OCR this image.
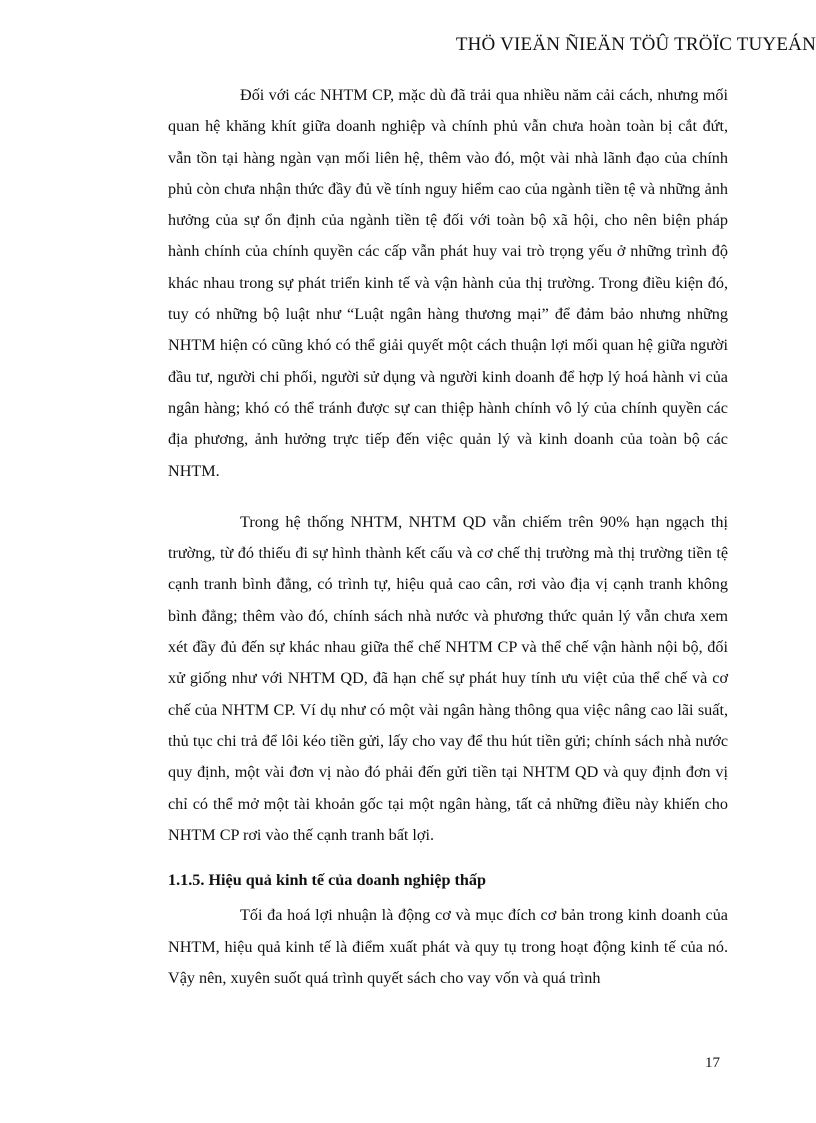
THÖ VIEÄN ÑIEÄN TÖÛ TRÖÏC TUYEÁN

Đối với các NHTM CP, mặc dù đã trải qua nhiều năm cải cách, nhưng mối quan hệ khăng khít giữa doanh nghiệp và chính phủ vẫn chưa hoàn toàn bị cắt đứt, vẫn tồn tại hàng ngàn vạn mối liên hệ, thêm vào đó, một vài nhà lãnh đạo của chính phủ còn chưa nhận thức đầy đủ về tính nguy hiểm cao của ngành tiền tệ và những ảnh hưởng của sự ổn định của ngành tiền tệ đối với toàn bộ xã hội, cho nên biện pháp hành chính của chính quyền các cấp vẫn phát huy vai trò trọng yếu ở những trình độ khác nhau trong sự phát triển kinh tế và vận hành của thị trường. Trong điều kiện đó, tuy có những bộ luật như “Luật ngân hàng thương mại” để đảm bảo nhưng những NHTM hiện có cũng khó có thể giải quyết một cách thuận lợi mối quan hệ giữa người đầu tư, người chi phối, người sử dụng và người kinh doanh để hợp lý hoá hành vi của ngân hàng; khó có thể tránh được sự can thiệp hành chính vô lý của chính quyền các địa phương, ảnh hưởng trực tiếp đến việc quản lý và kinh doanh của toàn bộ các NHTM.

Trong hệ thống NHTM, NHTM QD vẫn chiếm trên 90% hạn ngạch thị trường, từ đó thiếu đi sự hình thành kết cấu và cơ chế thị trường mà thị trường tiền tệ cạnh tranh bình đẳng, có trình tự, hiệu quả cao cân, rơi vào địa vị cạnh tranh không bình đẳng; thêm vào đó, chính sách nhà nước và phương thức quản lý vẫn chưa xem xét đầy đủ đến sự khác nhau giữa thể chế NHTM CP và thể chế vận hành nội bộ, đối xử giống như với NHTM QD, đã hạn chế sự phát huy tính ưu việt của thể chế và cơ chế của NHTM CP. Ví dụ như có một vài ngân hàng thông qua việc nâng cao lãi suất, thủ tục chi trả để lôi kéo tiền gửi, lấy cho vay để thu hút tiền gửi; chính sách nhà nước quy định, một vài đơn vị nào đó phải đến gửi tiền tại NHTM QD và quy định đơn vị chỉ có thể mở một tài khoản gốc tại một ngân hàng, tất cả những điều này khiến cho NHTM CP rơi vào thế cạnh tranh bất lợi.

1.1.5. Hiệu quả kinh tế của doanh nghiệp thấp

Tối đa hoá lợi nhuận là động cơ và mục đích cơ bản trong kinh doanh của NHTM, hiệu quả kinh tế là điểm xuất phát và quy tụ trong hoạt động kinh tế của nó. Vậy nên, xuyên suốt quá trình quyết sách cho vay vốn và quá trình

17
